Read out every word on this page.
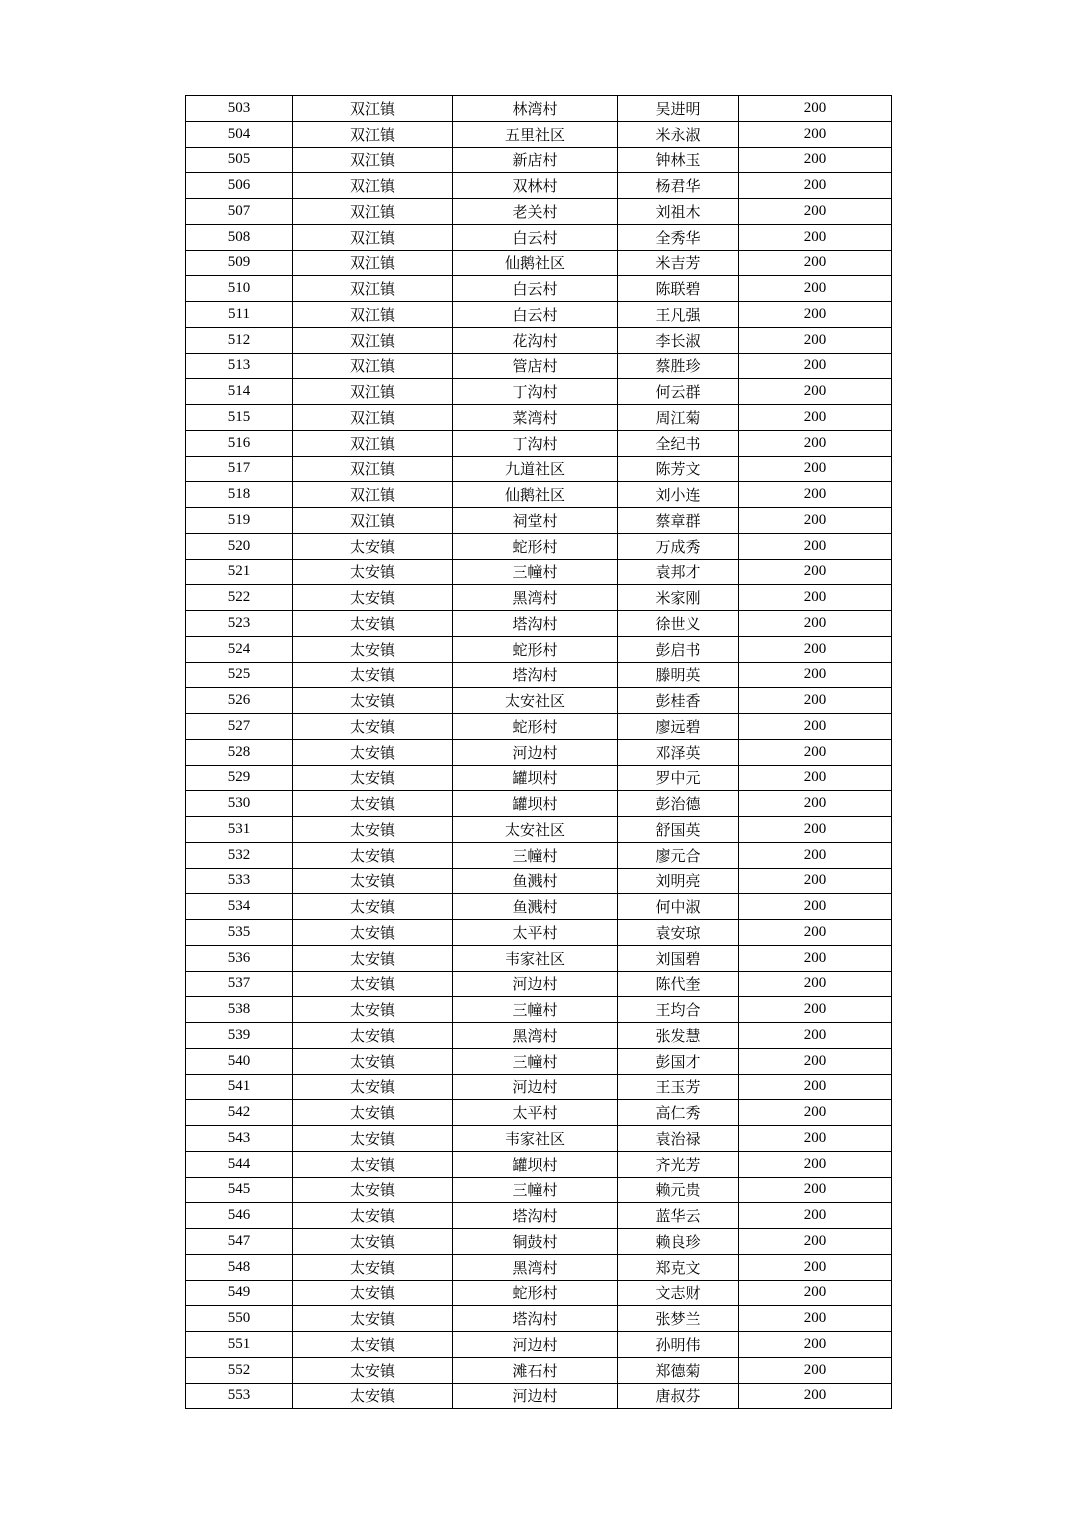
503	双江镇	林湾村	吴进明	200
504	双江镇	五里社区	米永淑	200
505	双江镇	新店村	钟林玉	200
506	双江镇	双林村	杨君华	200
507	双江镇	老关村	刘祖木	200
508	双江镇	白云村	全秀华	200
509	双江镇	仙鹅社区	米吉芳	200
510	双江镇	白云村	陈联碧	200
511	双江镇	白云村	王凡强	200
512	双江镇	花沟村	李长淑	200
513	双江镇	管店村	蔡胜珍	200
514	双江镇	丁沟村	何云群	200
515	双江镇	菜湾村	周江菊	200
516	双江镇	丁沟村	全纪书	200
517	双江镇	九道社区	陈芳文	200
518	双江镇	仙鹅社区	刘小连	200
519	双江镇	祠堂村	蔡章群	200
520	太安镇	蛇形村	万成秀	200
521	太安镇	三幢村	袁邦才	200
522	太安镇	黑湾村	米家刚	200
523	太安镇	塔沟村	徐世义	200
524	太安镇	蛇形村	彭启书	200
525	太安镇	塔沟村	滕明英	200
526	太安镇	太安社区	彭桂香	200
527	太安镇	蛇形村	廖远碧	200
528	太安镇	河边村	邓泽英	200
529	太安镇	罐坝村	罗中元	200
530	太安镇	罐坝村	彭治德	200
531	太安镇	太安社区	舒国英	200
532	太安镇	三幢村	廖元合	200
533	太安镇	鱼溅村	刘明亮	200
534	太安镇	鱼溅村	何中淑	200
535	太安镇	太平村	袁安琼	200
536	太安镇	韦家社区	刘国碧	200
537	太安镇	河边村	陈代奎	200
538	太安镇	三幢村	王均合	200
539	太安镇	黑湾村	张发慧	200
540	太安镇	三幢村	彭国才	200
541	太安镇	河边村	王玉芳	200
542	太安镇	太平村	高仁秀	200
543	太安镇	韦家社区	袁治禄	200
544	太安镇	罐坝村	齐光芳	200
545	太安镇	三幢村	赖元贵	200
546	太安镇	塔沟村	蓝华云	200
547	太安镇	铜鼓村	赖良珍	200
548	太安镇	黑湾村	郑克文	200
549	太安镇	蛇形村	文志财	200
550	太安镇	塔沟村	张梦兰	200
551	太安镇	河边村	孙明伟	200
552	太安镇	滩石村	郑德菊	200
553	太安镇	河边村	唐叔芬	200
